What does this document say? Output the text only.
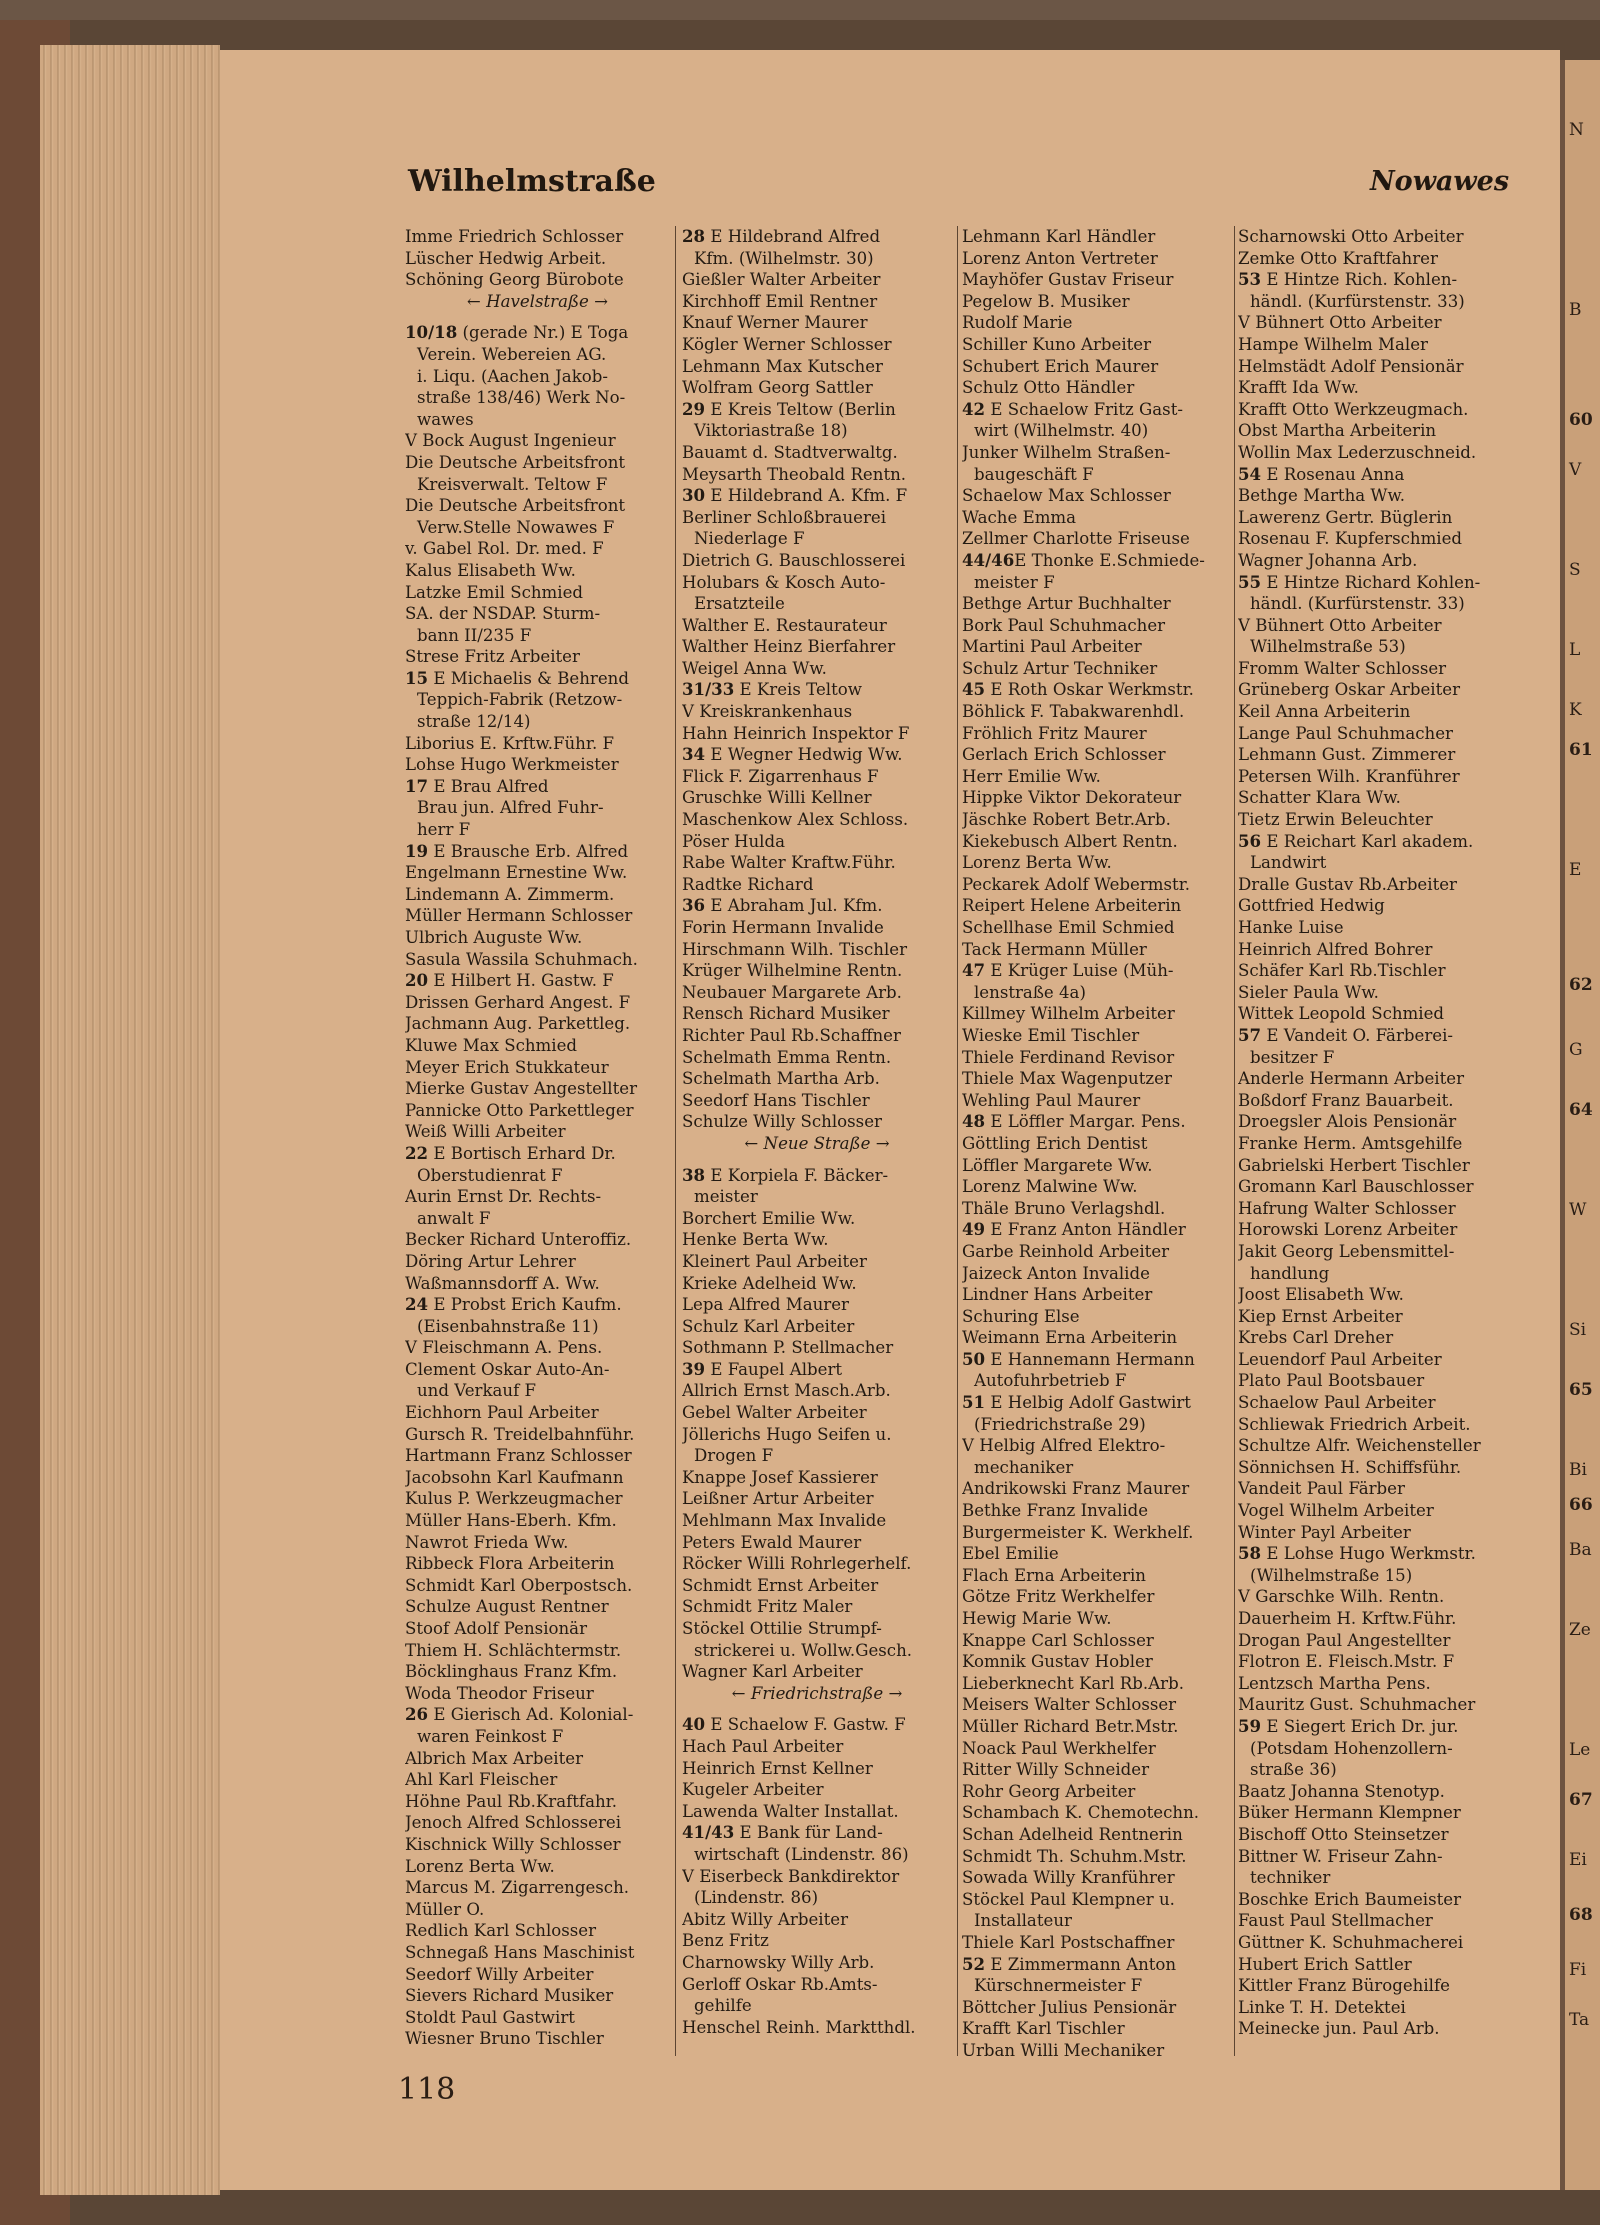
Wilhelmstraße	Nowawes
Imme Friedrich Schlosser
Lüscher Hedwig Arbeit.
Schöning Georg Bürobote
← Havelstraße →
10/18 (gerade Nr.) E Toga
Verein. Webereien AG.
i. Liqu. (Aachen Jakob-
straße 138/46) Werk No-
wawes
V Bock August Ingenieur
Die Deutsche Arbeitsfront
Kreisverwalt. Teltow F
Die Deutsche Arbeitsfront
Verw.Stelle Nowawes F
v. Gabel Rol. Dr. med. F
Kalus Elisabeth Ww.
Latzke Emil Schmied
SA. der NSDAP. Sturm-
bann II/235 F
Strese Fritz Arbeiter
15 E Michaelis & Behrend
Teppich-Fabrik (Retzow-
straße 12/14)
Liborius E. Krftw.Führ. F
Lohse Hugo Werkmeister
17 E Brau Alfred
Brau jun. Alfred Fuhr-
herr F
19 E Brausche Erb. Alfred
Engelmann Ernestine Ww.
Lindemann A. Zimmerm.
Müller Hermann Schlosser
Ulbrich Auguste Ww.
Sasula Wassila Schuhmach.
20 E Hilbert H. Gastw. F
Drissen Gerhard Angest. F
Jachmann Aug. Parkettleg.
Kluwe Max Schmied
Meyer Erich Stukkateur
Mierke Gustav Angestellter
Pannicke Otto Parkettleger
Weiß Willi Arbeiter
22 E Bortisch Erhard Dr.
Oberstudienrat F
Aurin Ernst Dr. Rechts-
anwalt F
Becker Richard Unteroffiz.
Döring Artur Lehrer
Waßmannsdorff A. Ww.
24 E Probst Erich Kaufm.
(Eisenbahnstraße 11)
V Fleischmann A. Pens.
Clement Oskar Auto-An-
und Verkauf F
Eichhorn Paul Arbeiter
Gursch R. Treidelbahnführ.
Hartmann Franz Schlosser
Jacobsohn Karl Kaufmann
Kulus P. Werkzeugmacher
Müller Hans-Eberh. Kfm.
Nawrot Frieda Ww.
Ribbeck Flora Arbeiterin
Schmidt Karl Oberpostsch.
Schulze August Rentner
Stoof Adolf Pensionär
Thiem H. Schlächtermstr.
Böcklinghaus Franz Kfm.
Woda Theodor Friseur
26 E Gierisch Ad. Kolonial-
waren Feinkost F
Albrich Max Arbeiter
Ahl Karl Fleischer
Höhne Paul Rb.Kraftfahr.
Jenoch Alfred Schlosserei
Kischnick Willy Schlosser
Lorenz Berta Ww.
Marcus M. Zigarrengesch.
Müller O.
Redlich Karl Schlosser
Schnegaß Hans Maschinist
Seedorf Willy Arbeiter
Sievers Richard Musiker
Stoldt Paul Gastwirt
Wiesner Bruno Tischler
28 E Hildebrand Alfred
Kfm. (Wilhelmstr. 30)
Gießler Walter Arbeiter
Kirchhoff Emil Rentner
Knauf Werner Maurer
Kögler Werner Schlosser
Lehmann Max Kutscher
Wolfram Georg Sattler
29 E Kreis Teltow (Berlin
Viktoriastraße 18)
Bauamt d. Stadtverwaltg.
Meysarth Theobald Rentn.
30 E Hildebrand A. Kfm. F
Berliner Schloßbrauerei
Niederlage F
Dietrich G. Bauschlosserei
Holubars & Kosch Auto-
Ersatzteile
Walther E. Restaurateur
Walther Heinz Bierfahrer
Weigel Anna Ww.
31/33 E Kreis Teltow
V Kreiskrankenhaus
Hahn Heinrich Inspektor F
34 E Wegner Hedwig Ww.
Flick F. Zigarrenhaus F
Gruschke Willi Kellner
Maschenkow Alex Schloss.
Pöser Hulda
Rabe Walter Kraftw.Führ.
Radtke Richard
36 E Abraham Jul. Kfm.
Forin Hermann Invalide
Hirschmann Wilh. Tischler
Krüger Wilhelmine Rentn.
Neubauer Margarete Arb.
Rensch Richard Musiker
Richter Paul Rb.Schaffner
Schelmath Emma Rentn.
Schelmath Martha Arb.
Seedorf Hans Tischler
Schulze Willy Schlosser
← Neue Straße →
38 E Korpiela F. Bäcker-
meister
Borchert Emilie Ww.
Henke Berta Ww.
Kleinert Paul Arbeiter
Krieke Adelheid Ww.
Lepa Alfred Maurer
Schulz Karl Arbeiter
Sothmann P. Stellmacher
39 E Faupel Albert
Allrich Ernst Masch.Arb.
Gebel Walter Arbeiter
Jöllerichs Hugo Seifen u.
Drogen F
Knappe Josef Kassierer
Leißner Artur Arbeiter
Mehlmann Max Invalide
Peters Ewald Maurer
Röcker Willi Rohrlegerhelf.
Schmidt Ernst Arbeiter
Schmidt Fritz Maler
Stöckel Ottilie Strumpf-
strickerei u. Wollw.Gesch.
Wagner Karl Arbeiter
← Friedrichstraße →
40 E Schaelow F. Gastw. F
Hach Paul Arbeiter
Heinrich Ernst Kellner
Kugeler Arbeiter
Lawenda Walter Installat.
41/43 E Bank für Land-
wirtschaft (Lindenstr. 86)
V Eiserbeck Bankdirektor
(Lindenstr. 86)
Abitz Willy Arbeiter
Benz Fritz
Charnowsky Willy Arb.
Gerloff Oskar Rb.Amts-
gehilfe
Henschel Reinh. Marktthdl.
Lehmann Karl Händler
Lorenz Anton Vertreter
Mayhöfer Gustav Friseur
Pegelow B. Musiker
Rudolf Marie
Schiller Kuno Arbeiter
Schubert Erich Maurer
Schulz Otto Händler
42 E Schaelow Fritz Gast-
wirt (Wilhelmstr. 40)
Junker Wilhelm Straßen-
baugeschäft F
Schaelow Max Schlosser
Wache Emma
Zellmer Charlotte Friseuse
44/46E Thonke E.Schmiede-
meister F
Bethge Artur Buchhalter
Bork Paul Schuhmacher
Martini Paul Arbeiter
Schulz Artur Techniker
45 E Roth Oskar Werkmstr.
Böhlick F. Tabakwarenhdl.
Fröhlich Fritz Maurer
Gerlach Erich Schlosser
Herr Emilie Ww.
Hippke Viktor Dekorateur
Jäschke Robert Betr.Arb.
Kiekebusch Albert Rentn.
Lorenz Berta Ww.
Peckarek Adolf Webermstr.
Reipert Helene Arbeiterin
Schellhase Emil Schmied
Tack Hermann Müller
47 E Krüger Luise (Müh-
lenstraße 4a)
Killmey Wilhelm Arbeiter
Wieske Emil Tischler
Thiele Ferdinand Revisor
Thiele Max Wagenputzer
Wehling Paul Maurer
48 E Löffler Margar. Pens.
Göttling Erich Dentist
Löffler Margarete Ww.
Lorenz Malwine Ww.
Thäle Bruno Verlagshdl.
49 E Franz Anton Händler
Garbe Reinhold Arbeiter
Jaizeck Anton Invalide
Lindner Hans Arbeiter
Schuring Else
Weimann Erna Arbeiterin
50 E Hannemann Hermann
Autofuhrbetrieb F
51 E Helbig Adolf Gastwirt
(Friedrichstraße 29)
V Helbig Alfred Elektro-
mechaniker
Andrikowski Franz Maurer
Bethke Franz Invalide
Burgermeister K. Werkhelf.
Ebel Emilie
Flach Erna Arbeiterin
Götze Fritz Werkhelfer
Hewig Marie Ww.
Knappe Carl Schlosser
Komnik Gustav Hobler
Lieberknecht Karl Rb.Arb.
Meisers Walter Schlosser
Müller Richard Betr.Mstr.
Noack Paul Werkhelfer
Ritter Willy Schneider
Rohr Georg Arbeiter
Schambach K. Chemotechn.
Schan Adelheid Rentnerin
Schmidt Th. Schuhm.Mstr.
Sowada Willy Kranführer
Stöckel Paul Klempner u.
Installateur
Thiele Karl Postschaffner
52 E Zimmermann Anton
Kürschnermeister F
Böttcher Julius Pensionär
Krafft Karl Tischler
Urban Willi Mechaniker
Scharnowski Otto Arbeiter
Zemke Otto Kraftfahrer
53 E Hintze Rich. Kohlen-
händl. (Kurfürstenstr. 33)
V Bühnert Otto Arbeiter
Hampe Wilhelm Maler
Helmstädt Adolf Pensionär
Krafft Ida Ww.
Krafft Otto Werkzeugmach.
Obst Martha Arbeiterin
Wollin Max Lederzuschneid.
54 E Rosenau Anna
Bethge Martha Ww.
Lawerenz Gertr. Büglerin
Rosenau F. Kupferschmied
Wagner Johanna Arb.
55 E Hintze Richard Kohlen-
händl. (Kurfürstenstr. 33)
V Bühnert Otto Arbeiter
Wilhelmstraße 53)
Fromm Walter Schlosser
Grüneberg Oskar Arbeiter
Keil Anna Arbeiterin
Lange Paul Schuhmacher
Lehmann Gust. Zimmerer
Petersen Wilh. Kranführer
Schatter Klara Ww.
Tietz Erwin Beleuchter
56 E Reichart Karl akadem.
Landwirt
Dralle Gustav Rb.Arbeiter
Gottfried Hedwig
Hanke Luise
Heinrich Alfred Bohrer
Schäfer Karl Rb.Tischler
Sieler Paula Ww.
Wittek Leopold Schmied
57 E Vandeit O. Färberei-
besitzer F
Anderle Hermann Arbeiter
Boßdorf Franz Bauarbeit.
Droegsler Alois Pensionär
Franke Herm. Amtsgehilfe
Gabrielski Herbert Tischler
Gromann Karl Bauschlosser
Hafrung Walter Schlosser
Horowski Lorenz Arbeiter
Jakit Georg Lebensmittel-
handlung
Joost Elisabeth Ww.
Kiep Ernst Arbeiter
Krebs Carl Dreher
Leuendorf Paul Arbeiter
Plato Paul Bootsbauer
Schaelow Paul Arbeiter
Schliewak Friedrich Arbeit.
Schultze Alfr. Weichensteller
Sönnichsen H. Schiffsführ.
Vandeit Paul Färber
Vogel Wilhelm Arbeiter
Winter Payl Arbeiter
58 E Lohse Hugo Werkmstr.
(Wilhelmstraße 15)
V Garschke Wilh. Rentn.
Dauerheim H. Krftw.Führ.
Drogan Paul Angestellter
Flotron E. Fleisch.Mstr. F
Lentzsch Martha Pens.
Mauritz Gust. Schuhmacher
59 E Siegert Erich Dr. jur.
(Potsdam Hohenzollern-
straße 36)
Baatz Johanna Stenotyp.
Büker Hermann Klempner
Bischoff Otto Steinsetzer
Bittner W. Friseur Zahn-
techniker
Boschke Erich Baumeister
Faust Paul Stellmacher
Güttner K. Schuhmacherei
Hubert Erich Sattler
Kittler Franz Bürogehilfe
Linke T. H. Detektei
Meinecke jun. Paul Arb.
118
60
61
62
64
65
66
67
68
N
B
V
S
L
K
E
G
W
Si
Bi
Ba
Ze
Le
Ei
Fi
Ta
